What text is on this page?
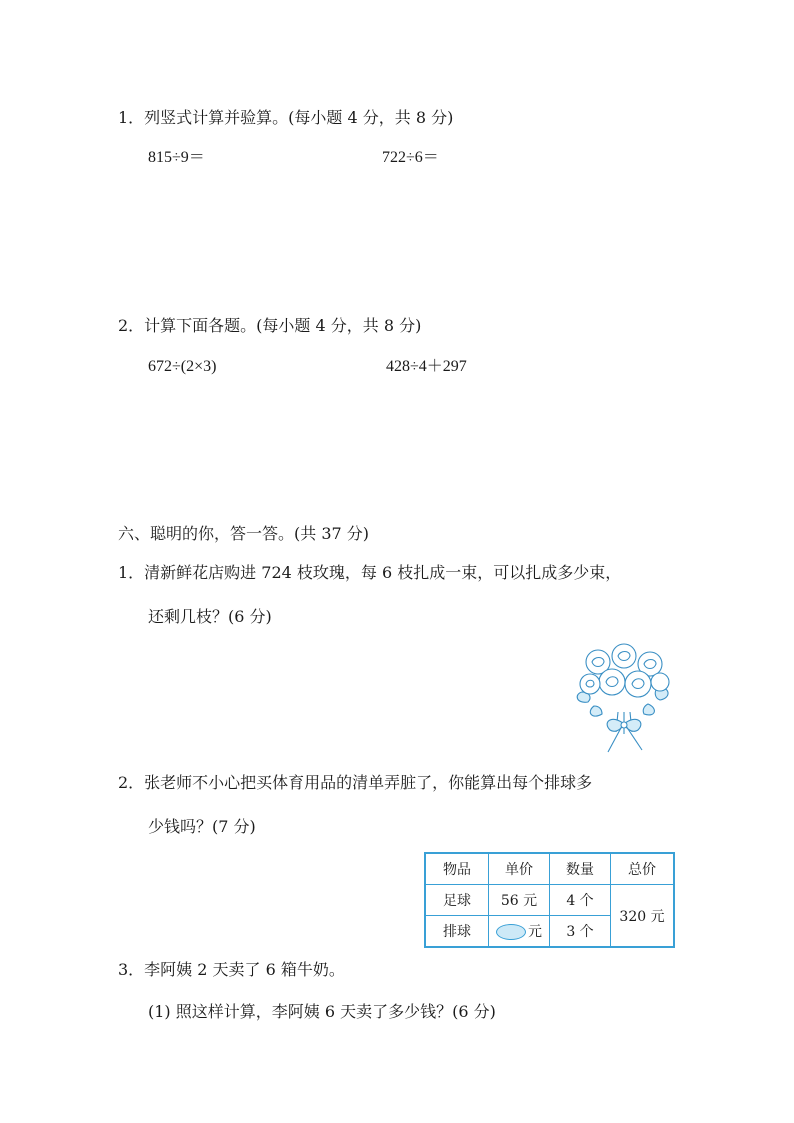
1．列竖式计算并验算。(每小题 4 分，共 8 分)
815÷9＝	722÷6＝
2．计算下面各题。(每小题 4 分，共 8 分)
672÷(2×3)	428÷4＋297
六、聪明的你，答一答。(共 37 分)
1．清新鲜花店购进 724 枝玫瑰，每 6 枝扎成一束，可以扎成多少束，
还剩几枝？(6 分)
2．张老师不小心把买体育用品的清单弄脏了，你能算出每个排球多
少钱吗？(7 分)
物品	单价	数量	总价
足球	56 元	4 个	320 元
排球	元	3 个	
3．李阿姨 2 天卖了 6 箱牛奶。
(1) 照这样计算，李阿姨 6 天卖了多少钱？(6 分)
